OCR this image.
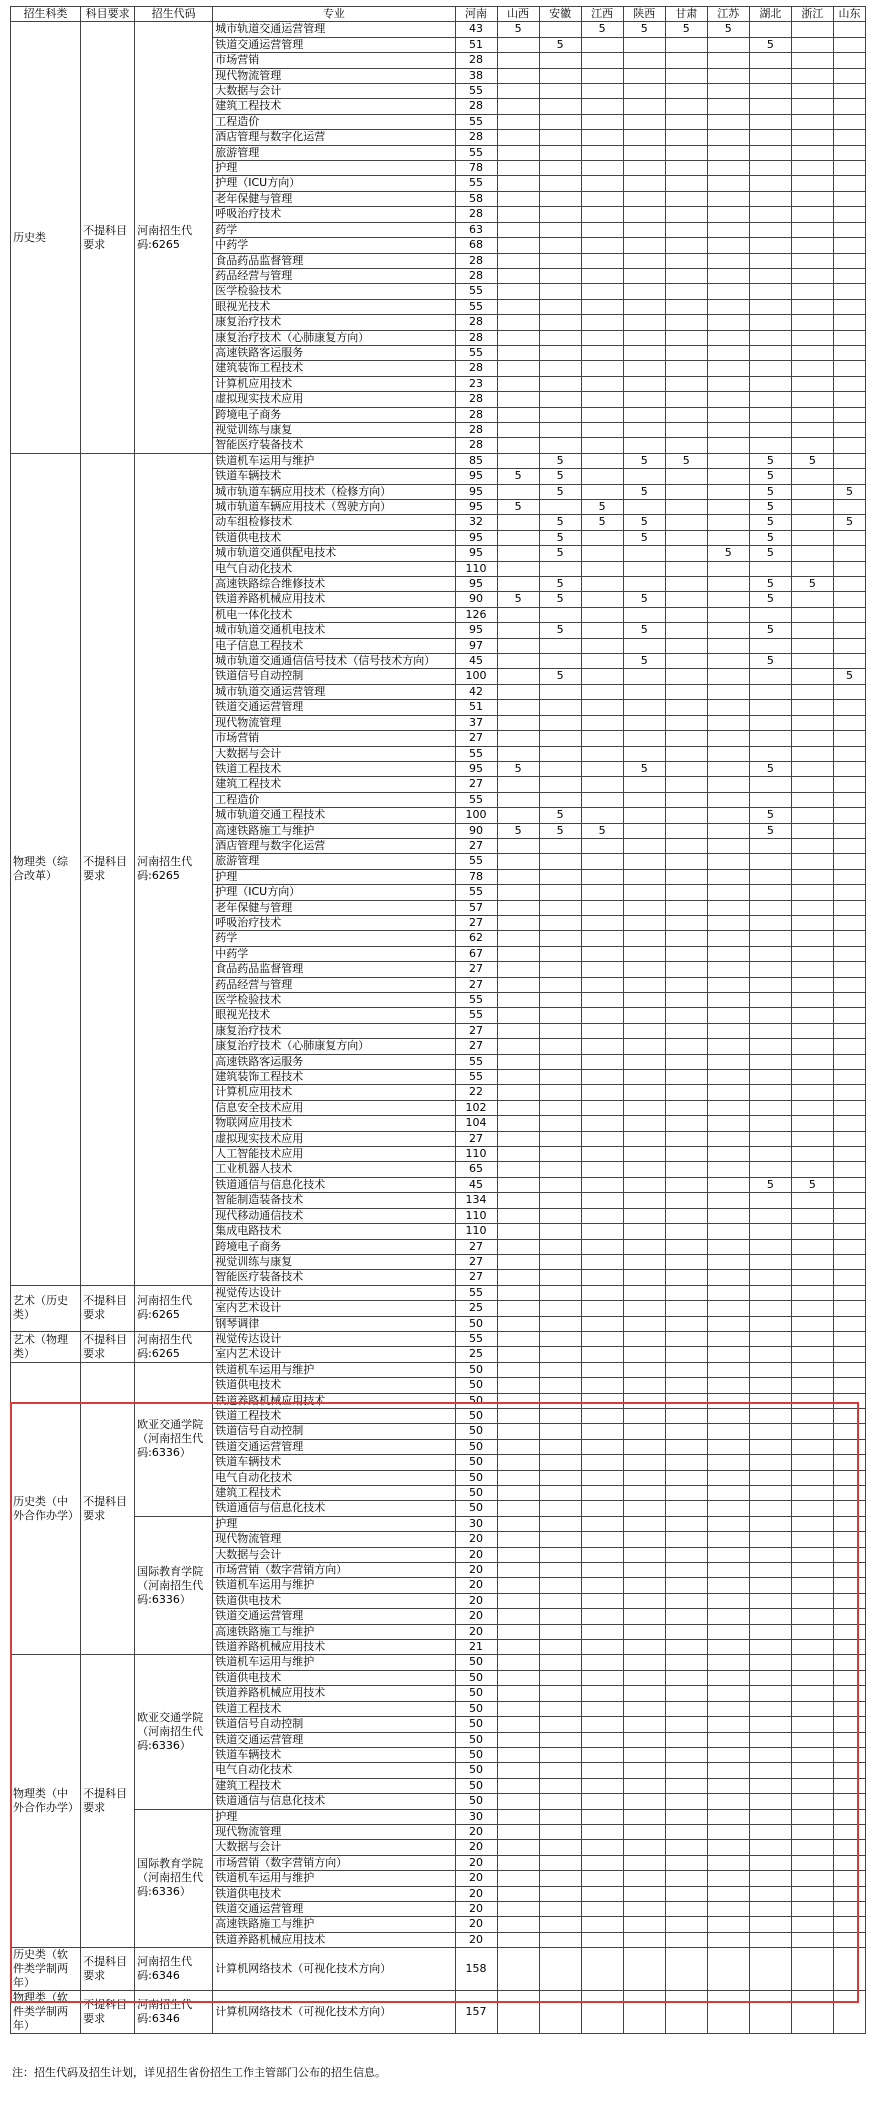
招生科类	科目要求	招生代码	专业	河南	山西	安徽	江西	陕西	甘肃	江苏	湖北	浙江	山东
历史类	不提科目要求	河南招生代码:6265	城市轨道交通运营管理	43	5		5	5	5	5			
			铁道交通运营管理	51		5					5		
			市场营销	28									
			现代物流管理	38									
			大数据与会计	55									
			建筑工程技术	28									
			工程造价	55									
			酒店管理与数字化运营	28									
			旅游管理	55									
			护理	78									
			护理（ICU方向）	55									
			老年保健与管理	58									
			呼吸治疗技术	28									
			药学	63									
			中药学	68									
			食品药品监督管理	28									
			药品经营与管理	28									
			医学检验技术	55									
			眼视光技术	55									
			康复治疗技术	28									
			康复治疗技术（心肺康复方向）	28									
			高速铁路客运服务	55									
			建筑装饰工程技术	28									
			计算机应用技术	23									
			虚拟现实技术应用	28									
			跨境电子商务	28									
			视觉训练与康复	28									
			智能医疗装备技术	28									
物理类（综合改革）	不提科目要求	河南招生代码:6265	铁道机车运用与维护	85		5		5	5		5	5	
			铁道车辆技术	95	5	5					5		
			城市轨道车辆应用技术（检修方向）	95		5		5			5		5
			城市轨道车辆应用技术（驾驶方向）	95	5		5				5		
			动车组检修技术	32		5	5	5			5		5
			铁道供电技术	95		5		5			5		
			城市轨道交通供配电技术	95		5				5	5		
			电气自动化技术	110									
			高速铁路综合维修技术	95		5					5	5	
			铁道养路机械应用技术	90	5	5		5			5		
			机电一体化技术	126									
			城市轨道交通机电技术	95		5		5			5		
			电子信息工程技术	97									
			城市轨道交通通信信号技术（信号技术方向）	45				5			5		
			铁道信号自动控制	100		5							5
			城市轨道交通运营管理	42									
			铁道交通运营管理	51									
			现代物流管理	37									
			市场营销	27									
			大数据与会计	55									
			铁道工程技术	95	5			5			5		
			建筑工程技术	27									
			工程造价	55									
			城市轨道交通工程技术	100		5					5		
			高速铁路施工与维护	90	5	5	5				5		
			酒店管理与数字化运营	27									
			旅游管理	55									
			护理	78									
			护理（ICU方向）	55									
			老年保健与管理	57									
			呼吸治疗技术	27									
			药学	62									
			中药学	67									
			食品药品监督管理	27									
			药品经营与管理	27									
			医学检验技术	55									
			眼视光技术	55									
			康复治疗技术	27									
			康复治疗技术（心肺康复方向）	27									
			高速铁路客运服务	55									
			建筑装饰工程技术	55									
			计算机应用技术	22									
			信息安全技术应用	102									
			物联网应用技术	104									
			虚拟现实技术应用	27									
			人工智能技术应用	110									
			工业机器人技术	65									
			铁道通信与信息化技术	45							5	5	
			智能制造装备技术	134									
			现代移动通信技术	110									
			集成电路技术	110									
			跨境电子商务	27									
			视觉训练与康复	27									
			智能医疗装备技术	27									
艺术（历史类）	不提科目要求	河南招生代码:6265	视觉传达设计	55									
			室内艺术设计	25									
			钢琴调律	50									
艺术（物理类）	不提科目要求	河南招生代码:6265	视觉传达设计	55									
			室内艺术设计	25									
历史类（中外合作办学）	不提科目要求	欧亚交通学院（河南招生代码:6336）	铁道机车运用与维护	50									
			铁道供电技术	50									
			铁道养路机械应用技术	50									
			铁道工程技术	50									
			铁道信号自动控制	50									
			铁道交通运营管理	50									
			铁道车辆技术	50									
			电气自动化技术	50									
			建筑工程技术	50									
			铁道通信与信息化技术	50									
		国际教育学院（河南招生代码:6336）	护理	30									
			现代物流管理	20									
			大数据与会计	20									
			市场营销（数字营销方向）	20									
			铁道机车运用与维护	20									
			铁道供电技术	20									
			铁道交通运营管理	20									
			高速铁路施工与维护	20									
			铁道养路机械应用技术	21									
物理类（中外合作办学）	不提科目要求	欧亚交通学院（河南招生代码:6336）	铁道机车运用与维护	50									
			铁道供电技术	50									
			铁道养路机械应用技术	50									
			铁道工程技术	50									
			铁道信号自动控制	50									
			铁道交通运营管理	50									
			铁道车辆技术	50									
			电气自动化技术	50									
			建筑工程技术	50									
			铁道通信与信息化技术	50									
		国际教育学院（河南招生代码:6336）	护理	30									
			现代物流管理	20									
			大数据与会计	20									
			市场营销（数字营销方向）	20									
			铁道机车运用与维护	20									
			铁道供电技术	20									
			铁道交通运营管理	20									
			高速铁路施工与维护	20									
			铁道养路机械应用技术	20									
历史类（软件类学制两年）	不提科目要求	河南招生代码:6346	计算机网络技术（可视化技术方向）	158									
物理类（软件类学制两年）	不提科目要求	河南招生代码:6346	计算机网络技术（可视化技术方向）	157									
注：招生代码及招生计划，详见招生省份招生工作主管部门公布的招生信息。
